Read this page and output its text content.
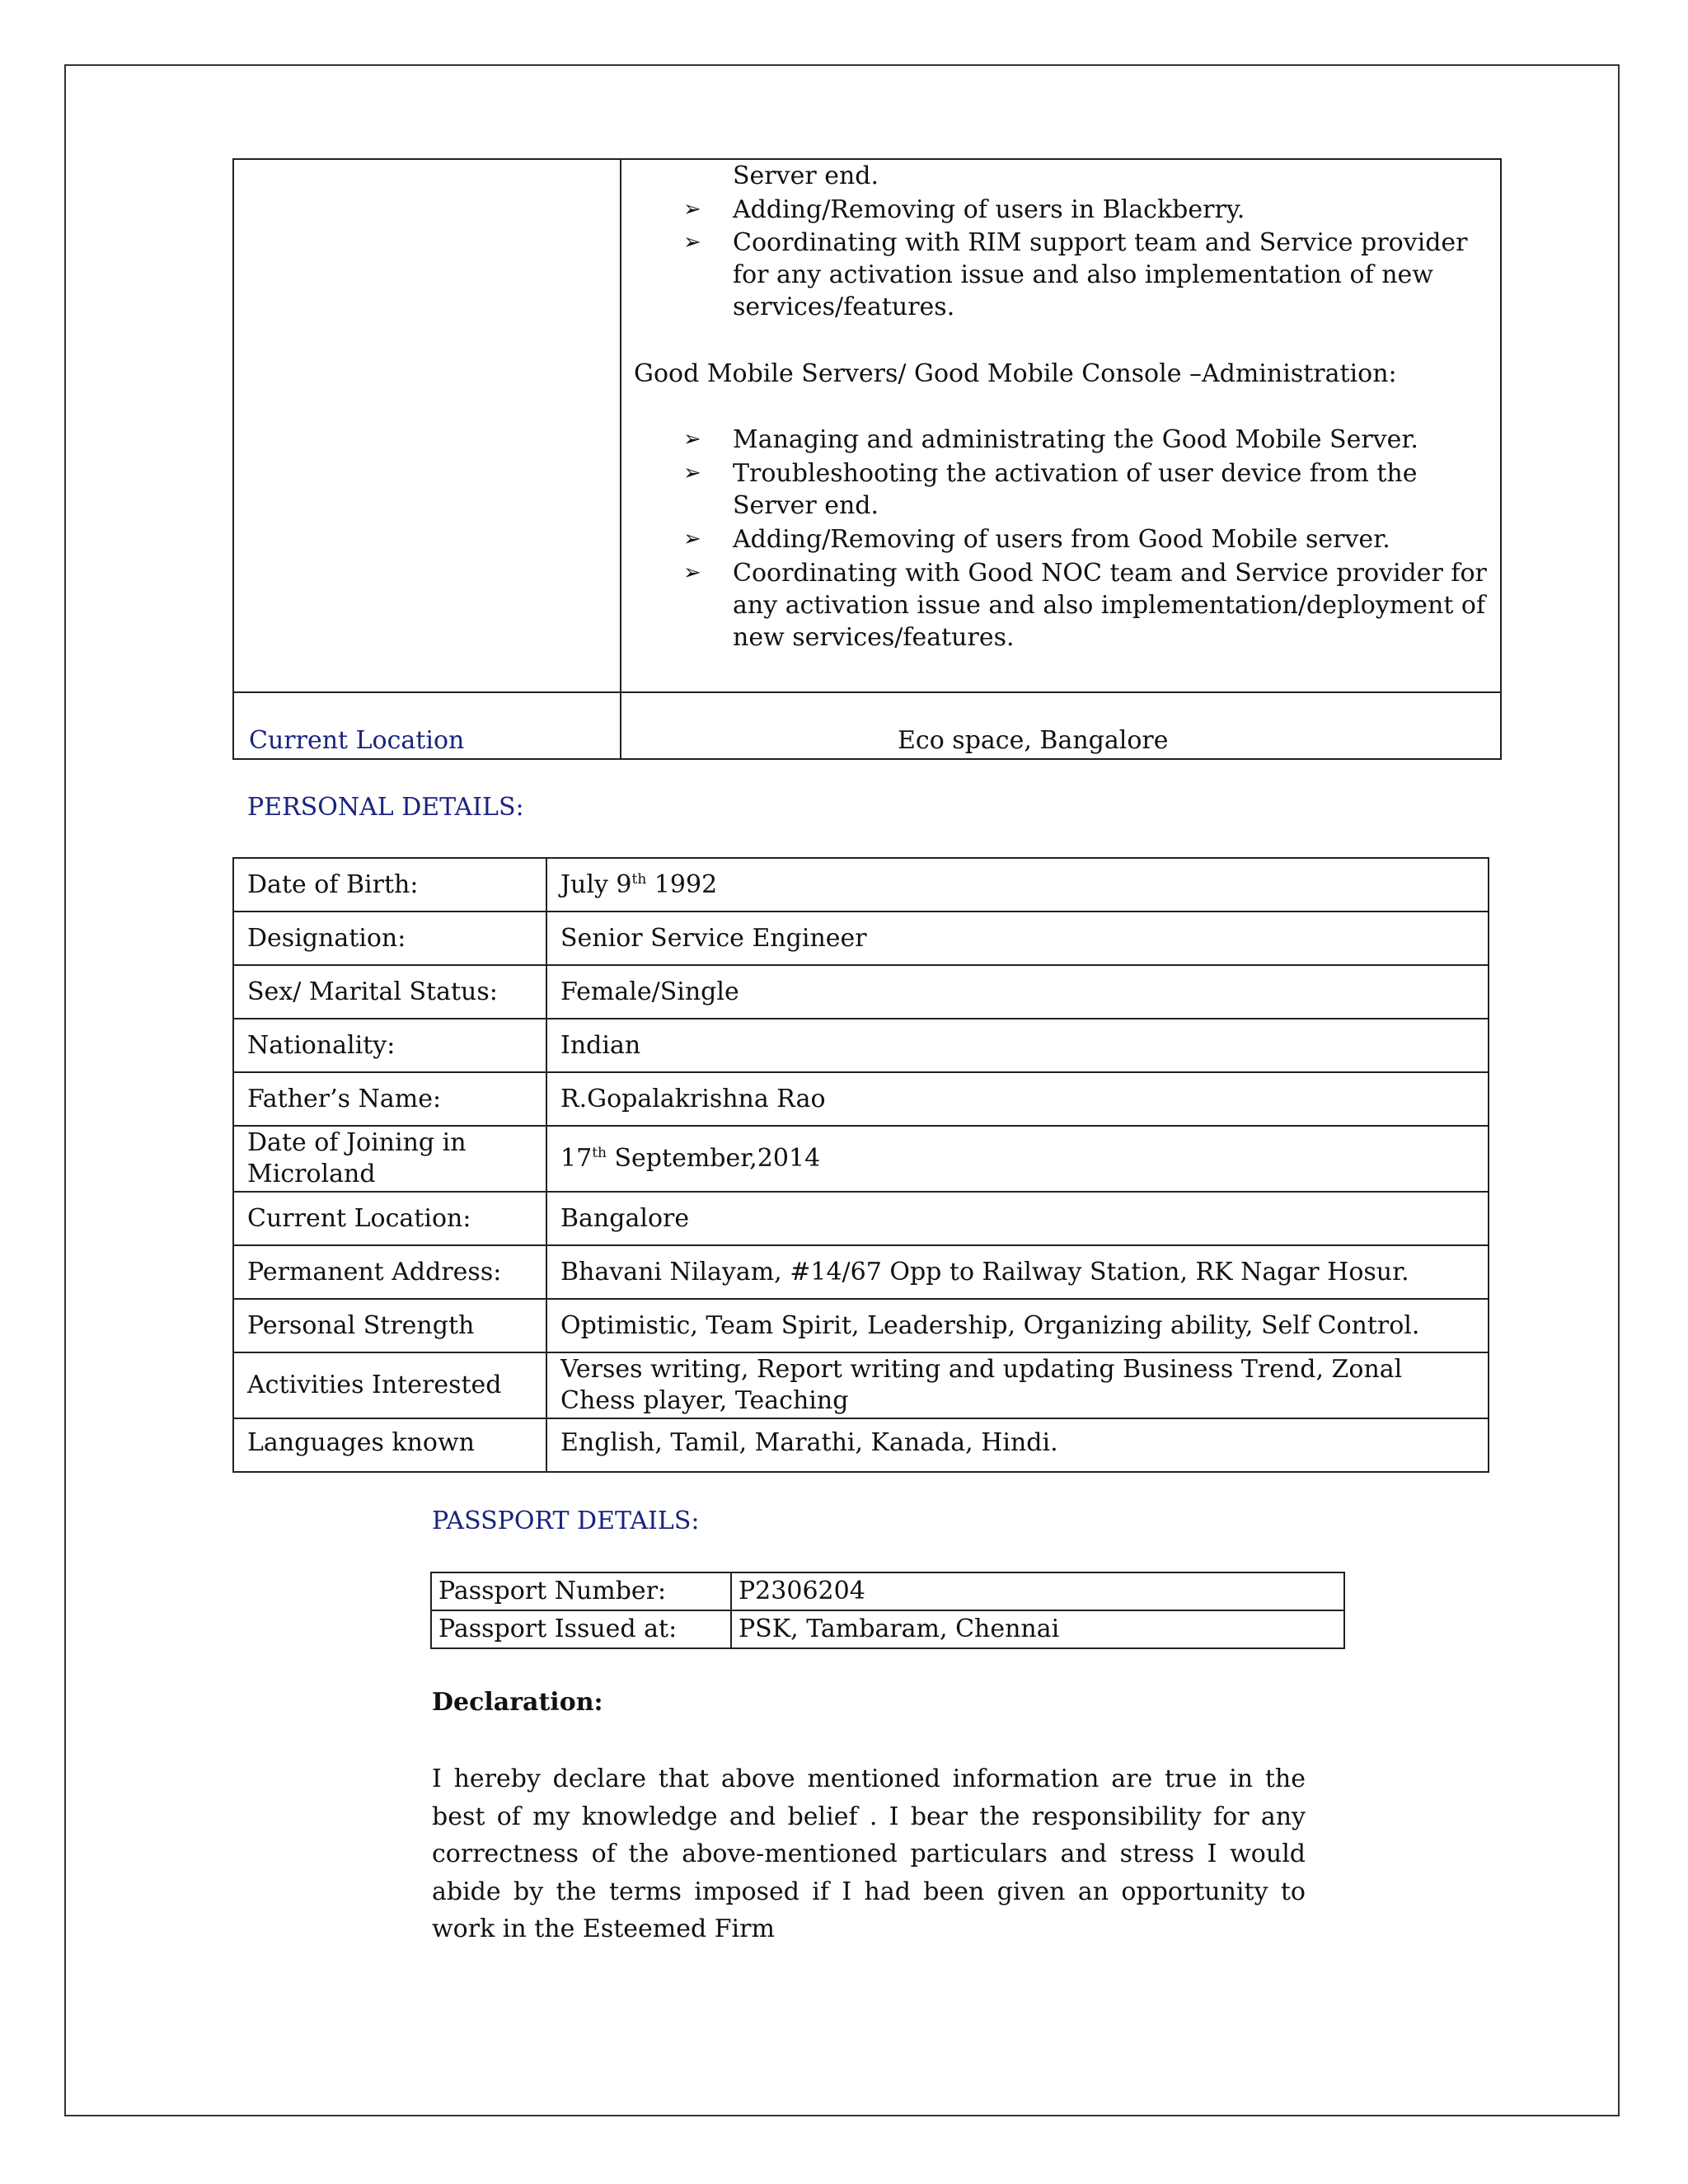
Server end.
➢ Adding/Removing of users in Blackberry.
➢ Coordinating with RIM support team and Service provider for any activation issue and also implementation of new services/features.
Good Mobile Servers/ Good Mobile Console –Administration:
➢ Managing and administrating the Good Mobile Server.
➢ Troubleshooting the activation of user device from the Server end.
➢ Adding/Removing of users from Good Mobile server.
➢ Coordinating with Good NOC team and Service provider for any activation issue and also implementation/deployment of new services/features.
Current Location	Eco space, Bangalore
PERSONAL DETAILS:
Date of Birth:	July 9th 1992
Designation:	Senior Service Engineer
Sex/ Marital Status:	Female/Single
Nationality:	Indian
Father’s Name:	R.Gopalakrishna Rao
Date of Joining in Microland	17th September,2014
Current Location:	Bangalore
Permanent Address:	Bhavani Nilayam, #14/67 Opp to Railway Station, RK Nagar Hosur.
Personal Strength	Optimistic, Team Spirit, Leadership, Organizing ability, Self Control.
Activities Interested	Verses writing, Report writing and updating Business Trend, Zonal Chess player, Teaching
Languages known	English, Tamil, Marathi, Kanada, Hindi.
PASSPORT DETAILS:
Passport Number:	P2306204
Passport Issued at:	PSK, Tambaram, Chennai
Declaration:
I hereby declare that above mentioned information are true in the best of my knowledge and belief . I bear the responsibility for any correctness of the above-mentioned particulars and stress I would abide by the terms imposed if I had been given an opportunity to work in the Esteemed Firm
